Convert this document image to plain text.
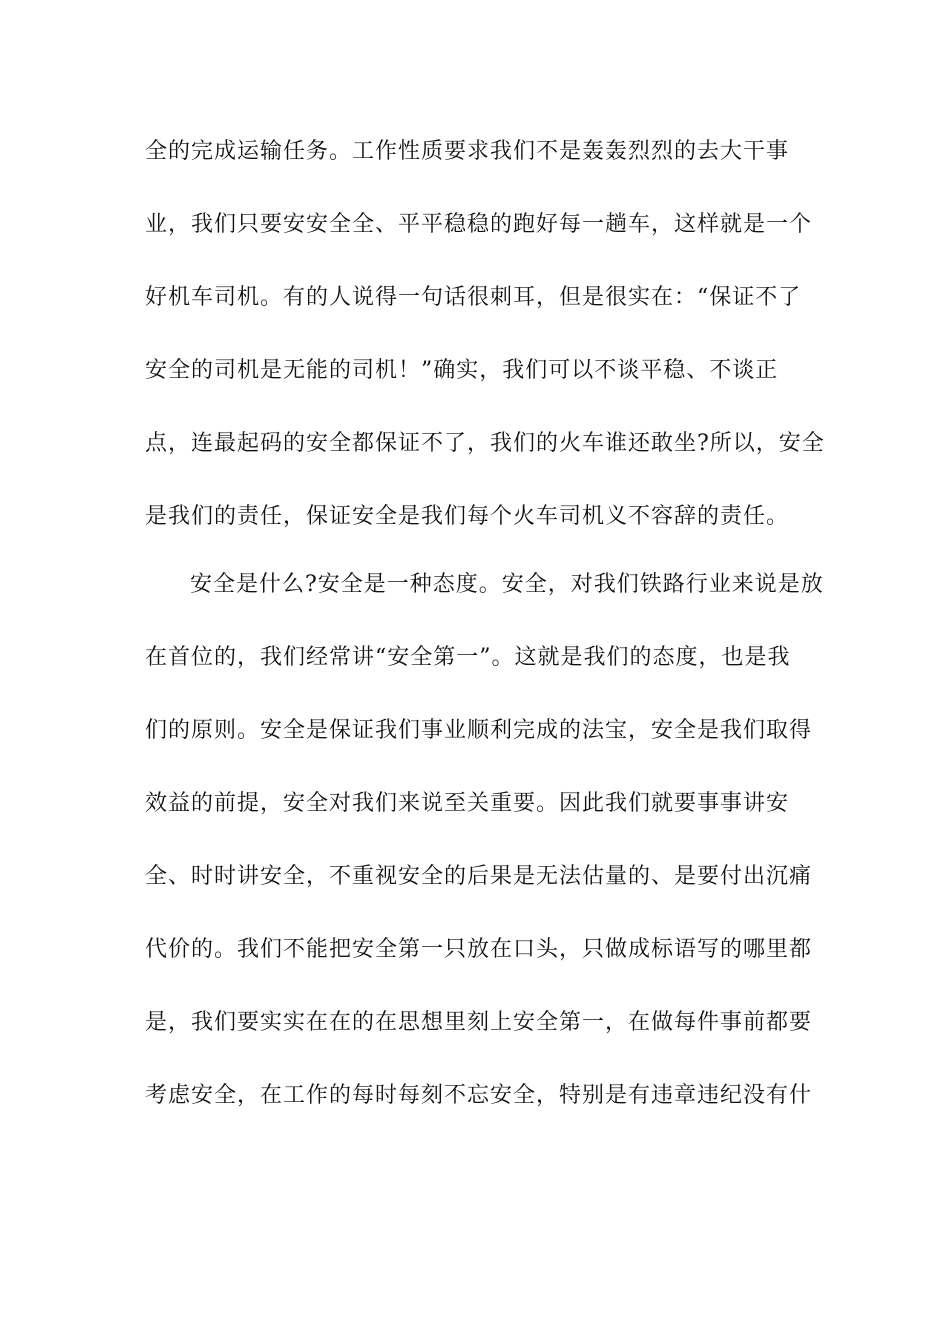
全的完成运输任务。工作性质要求我们不是轰轰烈烈的去大干事
业，我们只要安安全全、平平稳稳的跑好每一趟车，这样就是一个
好机车司机。有的人说得一句话很刺耳，但是很实在：“保证不了
安全的司机是无能的司机！”确实，我们可以不谈平稳、不谈正
点，连最起码的安全都保证不了，我们的火车谁还敢坐?所以，安全
是我们的责任，保证安全是我们每个火车司机义不容辞的责任。
安全是什么?安全是一种态度。安全，对我们铁路行业来说是放
在首位的，我们经常讲“安全第一”。这就是我们的态度，也是我
们的原则。安全是保证我们事业顺利完成的法宝，安全是我们取得
效益的前提，安全对我们来说至关重要。因此我们就要事事讲安
全、时时讲安全，不重视安全的后果是无法估量的、是要付出沉痛
代价的。我们不能把安全第一只放在口头，只做成标语写的哪里都
是，我们要实实在在的在思想里刻上安全第一，在做每件事前都要
考虑安全，在工作的每时每刻不忘安全，特别是有违章违纪没有什
